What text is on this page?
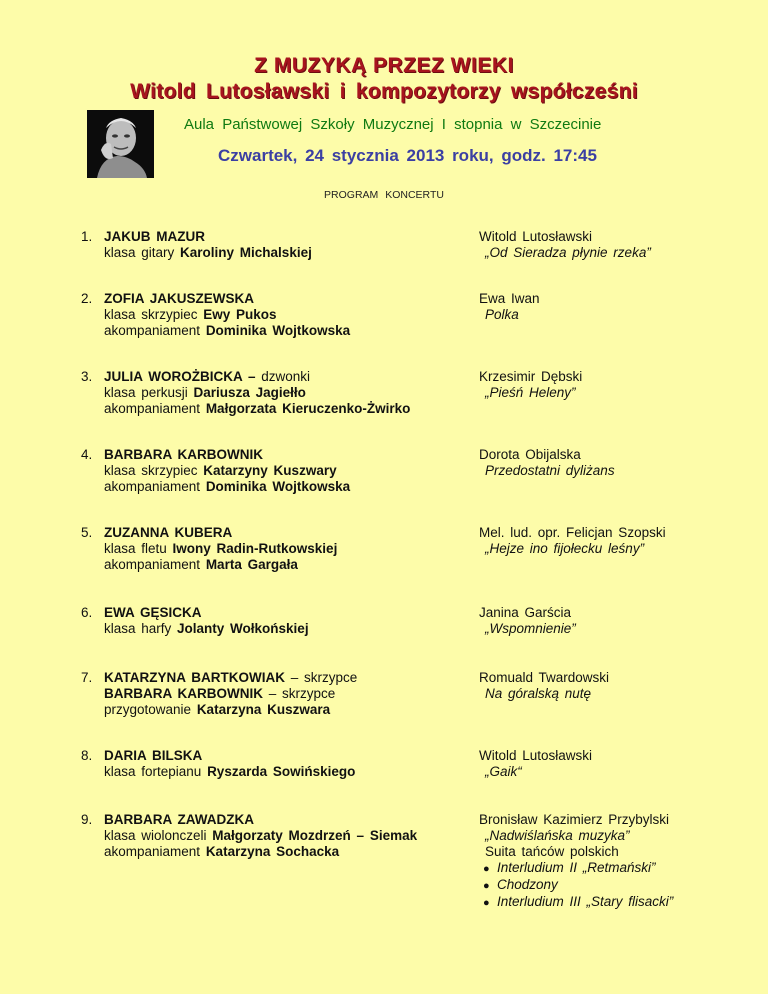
Z MUZYKĄ PRZEZ WIEKI
Witold Lutosławski i kompozytorzy współcześni
Aula Państwowej Szkoły Muzycznej I stopnia w Szczecinie
Czwartek, 24 stycznia 2013 roku, godz. 17:45
PROGRAM KONCERTU
1. JAKUB MAZUR
klasa gitary Karoliny Michalskiej
Witold Lutosławski
„Od Sieradza płynie rzeka”
2. ZOFIA JAKUSZEWSKA
klasa skrzypiec Ewy Pukos
akompaniament Dominika Wojtkowska
Ewa Iwan
Polka
3. JULIA WOROŻBICKA – dzwonki
klasa perkusji Dariusza Jagiełło
akompaniament Małgorzata Kieruczenko-Żwirko
Krzesimir Dębski
„Pieśń Heleny”
4. BARBARA KARBOWNIK
klasa skrzypiec Katarzyny Kuszwary
akompaniament Dominika Wojtkowska
Dorota Obijalska
Przedostatni dyliżans
5. ZUZANNA KUBERA
klasa fletu Iwony Radin-Rutkowskiej
akompaniament Marta Gargała
Mel. lud. opr. Felicjan Szopski
„Hejze ino fijołecku leśny”
6. EWA GĘSICKA
klasa harfy Jolanty Wołkońskiej
Janina Garścia
„Wspomnienie”
7. KATARZYNA BARTKOWIAK – skrzypce
BARBARA KARBOWNIK – skrzypce
przygotowanie Katarzyna Kuszwara
Romuald Twardowski
Na góralską nutę
8. DARIA BILSKA
klasa fortepianu Ryszarda Sowińskiego
Witold Lutosławski
„Gaik“
9. BARBARA ZAWADZKA
klasa wiolonczeli Małgorzaty Mozdrzeń – Siemak
akompaniament Katarzyna Sochacka
Bronisław Kazimierz Przybylski
„Nadwiślańska muzyka”
Suita tańców polskich
● Interludium II „Retmański”
● Chodzony
● Interludium III „Stary flisacki”
